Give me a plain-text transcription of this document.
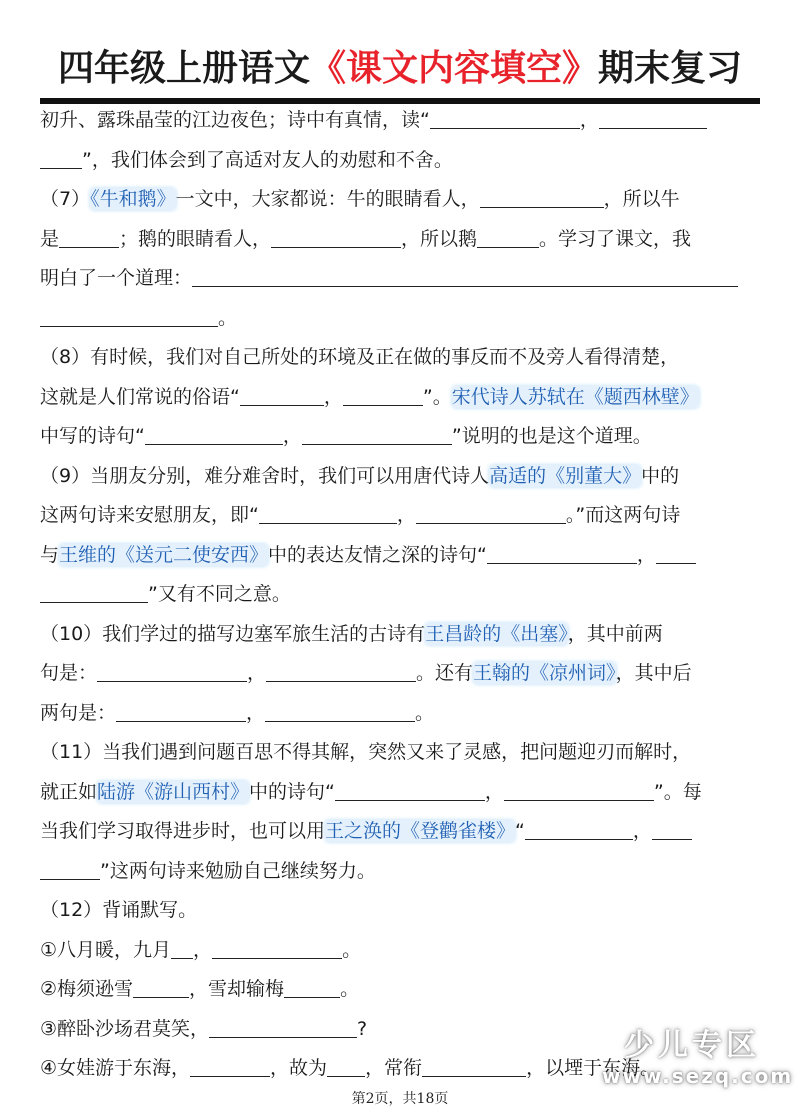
四年级上册语文《课文内容填空》期末复习
初升、露珠晶莹的江边夜色；诗中有真情，读“	，
”，我们体会到了高适对友人的劝慰和不舍。
（7）《牛和鹅》一文中，大家都说：牛的眼睛看人，	，所以牛
是	；鹅的眼睛看人，	，所以鹅	。学习了课文，我
明白了一个道理：
。
（8）有时候，我们对自己所处的环境及正在做的事反而不及旁人看得清楚，
这就是人们常说的俗语“	，	”。宋代诗人苏轼在《题西林壁》
中写的诗句“	，	”说明的也是这个道理。
（9）当朋友分别，难分难舍时，我们可以用唐代诗人高适的《别董大》中的
这两句诗来安慰朋友，即“	，	。”而这两句诗
与王维的《送元二使安西》中的表达友情之深的诗句“	，
”又有不同之意。
（10）我们学过的描写边塞军旅生活的古诗有王昌龄的《出塞》，其中前两
句是：	，	。还有王翰的《凉州词》，其中后
两句是：	，	。
（11）当我们遇到问题百思不得其解，突然又来了灵感，把问题迎刃而解时，
就正如陆游《游山西村》中的诗句“	，	”。每
当我们学习取得进步时，也可以用王之涣的《登鹳雀楼》“	，
”这两句诗来勉励自己继续努力。
（12）背诵默写。
①八月暖，九月 ，	。
②梅须逊雪	，雪却输梅	。
③醉卧沙场君莫笑，	?
④女娃游于东海，	，故为 ，常衔	，以堙于东海。
第2页，共18页
少儿专区
www.sezq.com
